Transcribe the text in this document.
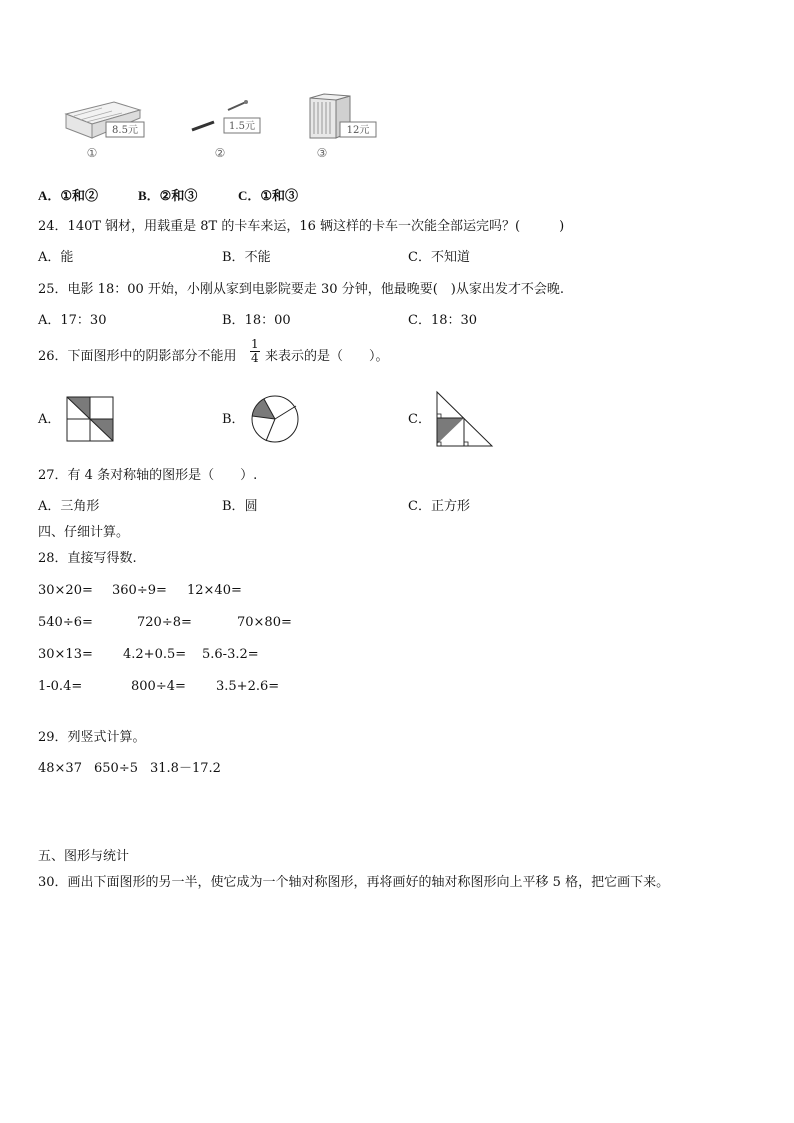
8.5元
①
1.5元
②
12元
③
A．①和②	B．②和③	C．①和③
24．140T 钢材，用载重是 8T 的卡车来运，16 辆这样的卡车一次能全部运完吗？(　　　)
A．能	B．不能	C．不知道
25．电影 18：00 开始，小刚从家到电影院要走 30 分钟，他最晚要(　)从家出发才不会晚.
A．17：30	B．18：00	C．18：30
26．下面图形中的阴影部分不能用 $\frac{1}{4}$ 来表示的是（　　）。
A．	B．	C．
27．有 4 条对称轴的图形是（　　）.
A．三角形	B．圆	C．正方形
四、仔细计算。
28．直接写得数.
30×20= 360÷9= 12×40=
540÷6=	720÷8=	70×80=
30×13= 4.2+0.5= 5.6-3.2=
1-0.4=	800÷4= 3.5+2.6=
29．列竖式计算。
48×37 650÷5 31.8－17.2
五、图形与统计
30．画出下面图形的另一半，使它成为一个轴对称图形，再将画好的轴对称图形向上平移 5 格，把它画下来。
